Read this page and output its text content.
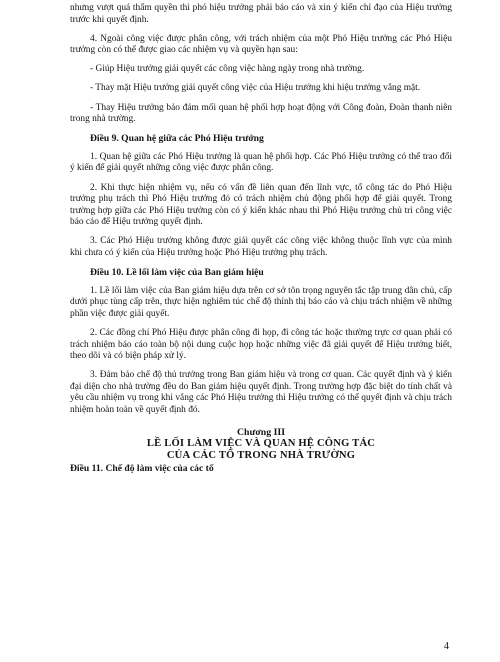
nhưng vượt quá thẩm quyền thì phó hiệu trưởng phải báo cáo và xin ý kiến chỉ đạo của Hiệu trưởng trước khi quyết định.

4. Ngoài công việc được phân công, với trách nhiệm của một Phó Hiệu trưởng các Phó Hiệu trưởng còn có thể được giao các nhiệm vụ và quyền hạn sau:

- Giúp Hiệu trưởng giải quyết các công việc hàng ngày trong nhà trường.

- Thay mặt Hiệu trưởng giải quyết công việc của Hiệu trưởng khi hiệu trưởng vắng mặt.

- Thay Hiệu trưởng bảo đảm mối quan hệ phối hợp hoạt động với Công đoàn, Đoàn thanh niên trong nhà trường.

Điều 9. Quan hệ giữa các Phó Hiệu trưởng

1. Quan hệ giữa các Phó Hiệu trưởng là quan hệ phối hợp. Các Phó Hiệu trưởng có thể trao đổi ý kiến để giải quyết những công việc được phân công.

2. Khi thực hiện nhiệm vụ, nếu có vấn đề liên quan đến lĩnh vực, tổ công tác do Phó Hiệu trưởng phụ trách thì Phó Hiệu trưởng đó có trách nhiệm chủ động phối hợp để giải quyết. Trong trường hợp giữa các Phó Hiệu trưởng còn có ý kiến khác nhau thì Phó Hiệu trưởng chủ trì công việc báo cáo để Hiệu trưởng quyết định.

3. Các Phó Hiệu trưởng không được giải quyết các công việc không thuộc lĩnh vực của mình khi chưa có ý kiến của Hiệu trưởng hoặc Phó Hiệu trưởng phụ trách.

Điều 10. Lề lối làm việc của Ban giám hiệu

1. Lề lối làm việc của Ban giám hiệu dựa trên cơ sở tôn trọng nguyên tắc tập trung dân chủ, cấp dưới phục tùng cấp trên, thực hiện nghiêm túc chế độ thỉnh thị báo cáo và chịu trách nhiệm về những phần việc được giải quyết.

2. Các đồng chí Phó Hiệu được phân công đi họp, đi công tác hoặc thường trực cơ quan phải có trách nhiệm báo cáo toàn bộ nội dung cuộc họp hoặc những việc đã giải quyết để Hiệu trưởng biết, theo dõi và có biện pháp xử lý.

3. Đảm bảo chế độ thủ trưởng trong Ban giám hiệu và trong cơ quan. Các quyết định và ý kiến đại diện cho nhà trường đều do Ban giám hiệu quyết định. Trong trường hợp đặc biệt do tính chất và yêu cầu nhiệm vụ trong khi vắng các Phó Hiệu trưởng thì Hiệu trưởng có thể quyết định và chịu trách nhiệm hoàn toàn về quyết định đó.

Chương III

LỀ LỐI LÀM VIỆC VÀ QUAN HỆ CÔNG TÁC

CỦA CÁC TỔ TRONG NHÀ TRƯỜNG

Điều 11. Chế độ làm việc của các tổ

4
